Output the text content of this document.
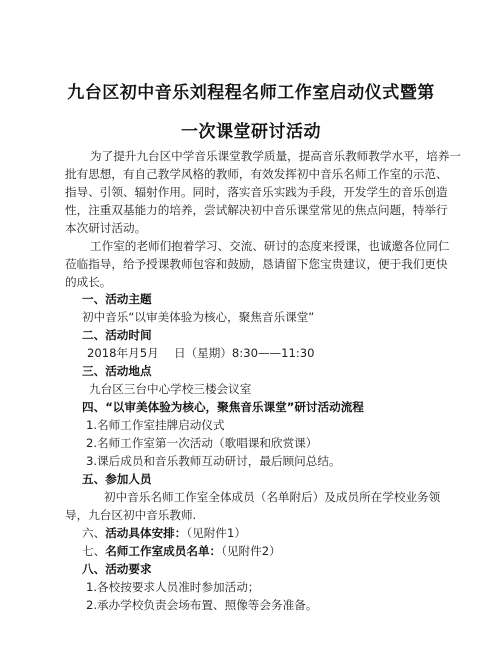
九台区初中音乐刘程程名师工作室启动仪式暨第
一次课堂研讨活动
为了提升九台区中学音乐课堂教学质量，提高音乐教师教学水平，培养一
批有思想，有自己教学风格的教师，有效发挥初中音乐名师工作室的示范、
指导、引领、辐射作用。同时，落实音乐实践为手段，开发学生的音乐创造
性，注重双基能力的培养，尝试解决初中音乐课堂常见的焦点问题，特举行
本次研讨活动。
工作室的老师们抱着学习、交流、研讨的态度来授课，也诚邀各位同仁
莅临指导，给予授课教师包容和鼓励，恳请留下您宝贵建议，便于我们更快
的成长。
一、活动主题
初中音乐“以审美体验为核心，聚焦音乐课堂”
二、活动时间
2018年月5月　 日（星期）8:30——11:30
三、活动地点
九台区三台中心学校三楼会议室
四、“以审美体验为核心，聚焦音乐课堂”研讨活动流程
1.名师工作室挂牌启动仪式
2.名师工作室第一次活动（歌唱课和欣赏课）
3.课后成员和音乐教师互动研讨，最后顾问总结。
五、参加人员
初中音乐名师工作室全体成员（名单附后）及成员所在学校业务领
导，九台区初中音乐教师.
六、活动具体安排：（见附件1）
七、名师工作室成员名单：（见附件2）
八、活动要求
1.各校按要求人员准时参加活动；
2.承办学校负责会场布置、照像等会务准备。
